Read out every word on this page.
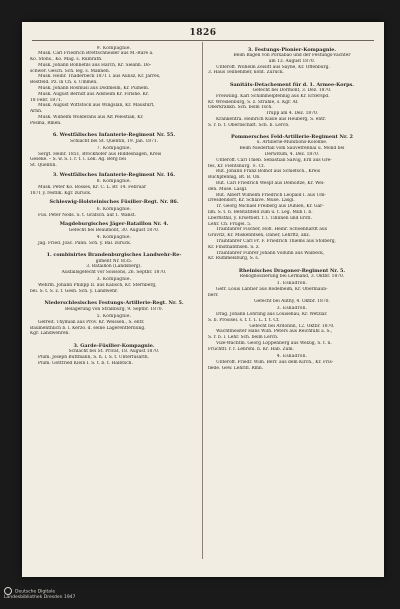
1826
9. Kompagnie.
Musk. Carl Friedrich Brettschneider aus M.-Rure a.
Ko. Stöns., Ko. Mag. s. Rumrath.
Musk. Johann Bonnefils aus Harch, Kr. Sieanh. Do-
schwer. Gesch. Sch. leg. s. Mannen.
Musk. Heinr. Thaderbeck 1871 l. aus Aulisz, Kr. Jarres,
Bestfeld. Pz. in Ch. s. Ummen.
Musk. Johann Rosmusi aus Dodmeim, Kr. Pumem.
Musk. August Berndt aus Adsheim Kr. Firlshe. Kr.
18 Febr. 1871.
Musk. August Wittstock aus Wingslan, Kr. Mausfurt,
Arnn.
Musk. Wilhelm Wolderans aus Alt Pelestiak, Kr.
Posma, Rmen.
6. Westfälisches Infanterie-Regiment Nr. 55.
Schlacht bei St. Quentin, 19. Jan. 1871.
7. Kompagnie.
Sergt. Heinr. 1851, Brockhöfer aus Hiddeshagen, Kreis
Geseke. – S. w. S. l. r. t. l. Lek. Ag. Berg bei
St. Quentin.
3. Westfälisches Infanterie-Regiment Nr. 16.
8. Kompagnie.
Musk. Peter Ko. Bosses, Kr. C. L. Br. 14. Februar
1871 y. restllk. Kgr. zurück.
Schleswig-Holsteinisches Füsilier-Regt. Nr. 86.
6. Kompagnie.
Füs. Peter Nods. S. t. Grafsch. auf 1. Wanst.
Magdeburgisches Jäger-Bataillon Nr. 4.
Gefecht bei Beaumont, 30. August 1870.
4. Kompagnie.
Jäg. Fried. Joac. Pann. Sch. y. Bal. zurück.
1. combinirtes Brandenburgisches Landwehr-Re-
giment Nr. 8/35.
3. Bataillon (Landsberg).
Ausfallsgefecht vor Soissons, 26. Septbr. 1870.
3. Kompagnie.
Wehrm. Johann Philipp II. aus Kalisch, Kr. Sternberg,
bei. S. t. S. z. f. Gesh. Sch. y. Landwehr.
Niederschlesisches Festungs-Artillerie-Regt. Nr. 5.
Belagerung von Straßburg, 9. Septbr. 1870.
5. Kompagnie.
Gefreit. Thymian aus Prov. Kr. Weissen., S. entr.
Baumenthlich b. l. Kerzo. d. seine Lagerentfernung.
Kgr. Landwehren.
3. Garde-Füsilier-Kompagnie.
Schlacht bei St. Privat, 18. August 1870.
Plum. Joseph Buttmann, S. h. l. S. t. Unterfusarlh.
Plum. Gottfried Klein I. S. t. b. t. Halbtsch.
3. Festungs-Pionier-Kompagnie.
Beim Bagen von Porxabao und der Festungs-Vächter
am 13. August 1870.
Unteroff. Wilhelm Zeisitt aus Sayne, Kr. Offenburg.
3. Haus Teilnehmer, kont. Zurück.
Sanitäts-Detachement für d. 1. Armee-Korps.
Gefecht bei Dormont, 3. Dez. 1870.
Freiwillig. Karl Schimmelpfennig aus Kr. Erzerspd.
Kr. Wreslenburg, S. z. Strahle, s. Kgr. Af.
Oberkrankh. Sch. beim Tsch.
Trupp am 4. Dez. 1870.
Krankenträ. Heinrich Küsle aus Heuberg, S. entr.
S. r. b. t. Oberlischaft. Sch. b. Lerch.
Pommersches Feld-Artillerie-Regiment Nr. 2
u. Artillerie-Munitions-Kolonne.
Beim Niederfall vom Sauvetrennal u. Mond bei
Derwitum, 4. Dez. 1870.
Unteroff. Carl Thieb. Sebastian Salvig, Erll aus Gre-
fes, Kr. Flentshurg. ×. Cf.
Rut. Johann Franz Bolhof aus Schiefsch., Kreis
Buchpfennig, Bt. B. Ob.
Rut. Carl Friedrich Wespf aus Demoltze, Kr. Wei-
den. Muse. Läsgl.
Rut. Albert Wilhelm Friedrich Leopald I. aus Um-
Dresdendorf, Kr. Schlave. Muse. Läsgl.
Tr. Georg Michael Freiberg aus Duhlen, Kr. Gar-
lim. S. t. b. Befstatlfeld zum u. f. Leg. Milh I. b.
Lberfisthll, y. Ersettiefl. f. l. Tihnnen und Erstl.
Lehr. Ch. Frügel. 5.
Trainfahrer Fischer, Höfl. Heinr. Schoenhardt aus
Gruvitz, Kr. Miskenhfsen, Daner, Lehrftz, anz.
Trainfahrer Carl Fr. F. Friedrich Thiems aus Stolberg,
Kr. Flnsthanthsen. S. z.
Trainfahrer Fuhrer Johann Volluhn aus Walbeck,
Kr. Rummelsburg, S. s.
Rheinisches Dragoner-Regiment Nr. 5.
Rekognoszierung bei Lermand, 3. Oktbr. 1870.
1. Eskadron.
Gefr. Louis Lantier aus Rödelheim, Kr. Obermaun-
berr.
Gefecht bei Authy, 4. Oktbr. 1870.
3. Eskadron.
Drag. Johann Löhrling aus Louisehau, Kr. Wetzlar.
S. b. Prosisel. s. f. f. 1. L. f. t. Cf.
Gefecht bei Ardonnn, 12. Oktbr. 1870.
Wachtmeister Hans Wilh. Peters aus Reichfuhl a. S.,
S. r. b. l. Lehr. Sch. beim Lerch.
Vize-Wachtm. Georg Loppenberg aus Welzig, S. t. n.
Fruchtfl. r. f. Lehrshl. b. Kr. Hab. Zum.
4. Eskadron.
Unteroff. Friedr. Wilh. Berr. aus dem Kirch., Kr. Fris-
fiede. Gew. Lehrifl. Rmn.
Deutsche Digitale
Landesbibliothek Dresden 1947
